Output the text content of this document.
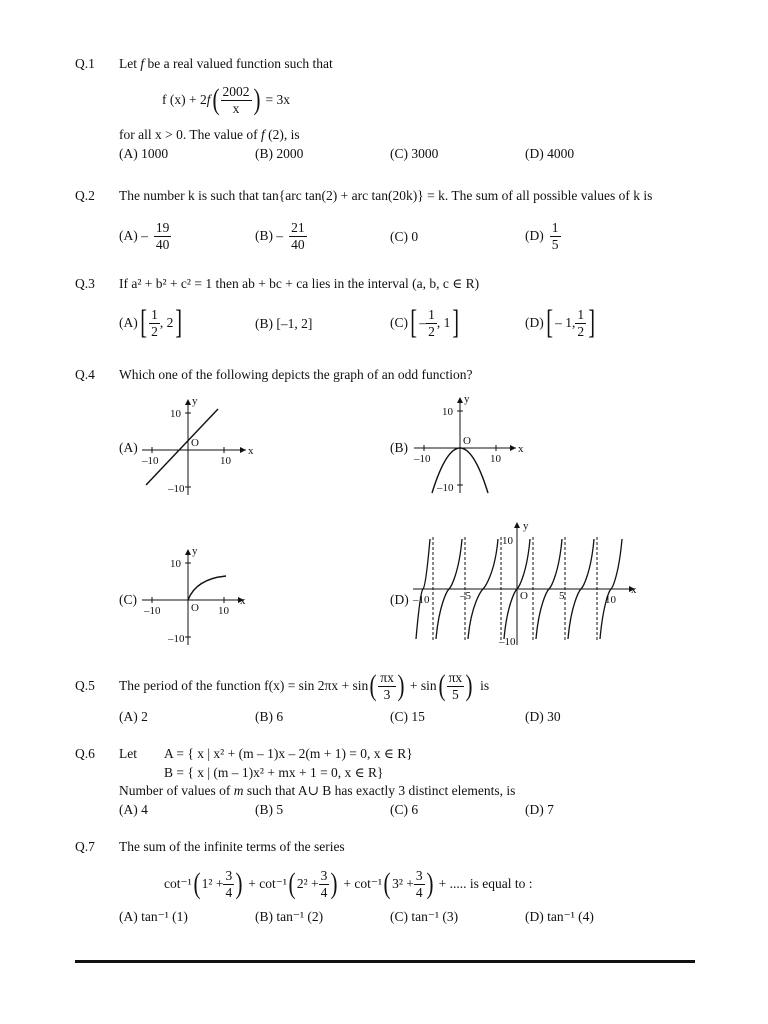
Q.1 Let f be a real valued function such that
f (x) + 2 f ( $\frac{2002}{x}$ ) = 3x
for all x > 0. The value of f (2), is
(A) 1000	(B) 2000	(C) 3000	(D) 4000
Q.2 The number k is such that tan{arc tan(2) + arc tan(20k)} = k. The sum of all possible values of k is
$(A) - \frac{19}{40}$	$(B) - \frac{21}{40}$	(C) 0	$(D) \frac{1}{5}$
Q.3 If a² + b² + c² = 1 then ab + bc + ca lies in the interval (a, b, c ∈ R)
(A) [ $\frac{1}{2}$ , 2 ]	(B) [–1, 2]	(C) [ – $\frac{1}{2}$ , 1 ]	(D) [ – 1, $\frac{1}{2}$ ]
Q.4 Which one of the following depicts the graph of an odd function?
(A)
y
x
10
–10
–10	10
O	(B)
y
x
10
–10
–10	10
O
(C)
y
x
10
–10
–10	10
O
(D)
y
x
10
–10
–10	–5	5	10
O
Q.5 The period of the function f(x) = sin 2πx + sin ( $\frac{\pi x}{3}$ ) + sin ( $\frac{\pi x}{5}$ ) is
(A) 2	(B) 6	(C) 15	(D) 30
Q.6 Let A = { x | x² + (m – 1)x – 2(m + 1) = 0, x ∈ R}
B = { x | (m – 1)x² + mx + 1 = 0, x ∈ R}
Number of values of m such that A∪ B has exactly 3 distinct elements, is
(A) 4	(B) 5	(C) 6	(D) 7
Q.7 The sum of the infinite terms of the series
cot⁻¹ ( $1^2 + \frac{3}{4}$ ) + cot⁻¹ ( $2^2 + \frac{3}{4}$ ) + cot⁻¹ ( $3^2 + \frac{3}{4}$ ) + ..... is equal to :
(A) tan⁻¹ (1)	(B) tan⁻¹ (2)	(C) tan⁻¹ (3)	(D) tan⁻¹ (4)
